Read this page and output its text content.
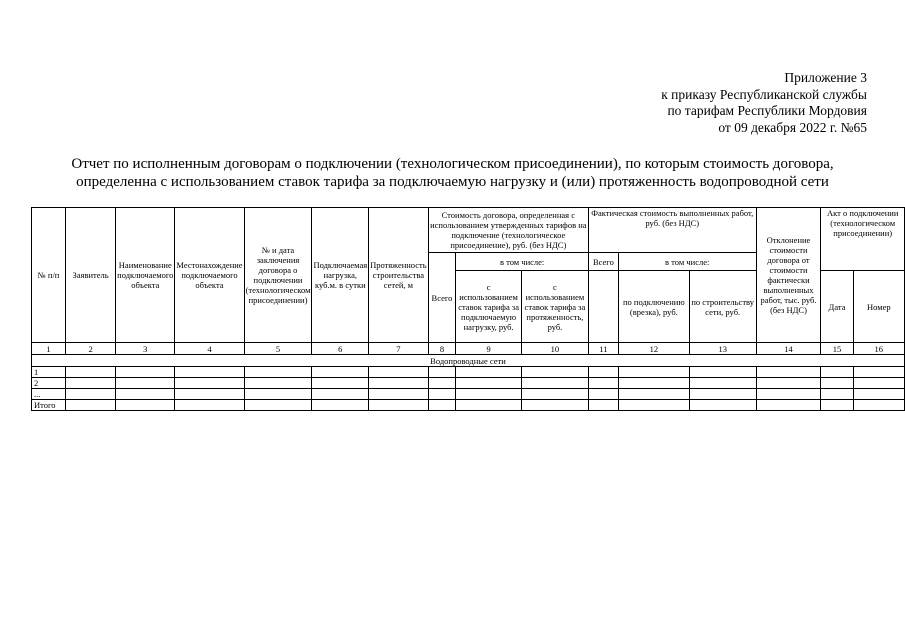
Приложение 3
к приказу Республиканской службы
по тарифам Республики Мордовия
от 09 декабря 2022 г. №65
Отчет по исполненным договорам о подключении (технологическом присоединении), по которым стоимость договора,
определенна с использованием ставок тарифа за подключаемую нагрузку и (или) протяженность водопроводной сети
№ п/п	Заявитель	Наименование подключаемого объекта	Местонахождение подключаемого объекта	№ и дата заключения договора о подключении (технологическом присоединении)	Подключаемая нагрузка, куб.м. в сутки	Протяженность строительства сетей, м	Стоимость договора, определенная с использованием утвержденных тарифов на подключение (технологическое присоединение), руб. (без НДС)			Фактическая стоимость выполненных работ, руб. (без НДС)			Отклонение стоимости договора от стоимости фактически выполненных работ, тыс. руб. (без НДС)	Акт о подключении (технологическом присоединении)	
							Всего	в том числе:		Всего	в том числе:				
								с использованием ставок тарифа за подключаемую нагрузку, руб.	с использованием ставок тарифа за протяженность, руб.		по подключению (врезка), руб.	по строительству сети, руб.		Дата	Номер

1	2	3	4	5	6	7	8	9	10	11	12	13	14	15	16
Водопроводные сети															
1															
2															
...															
Итого															
